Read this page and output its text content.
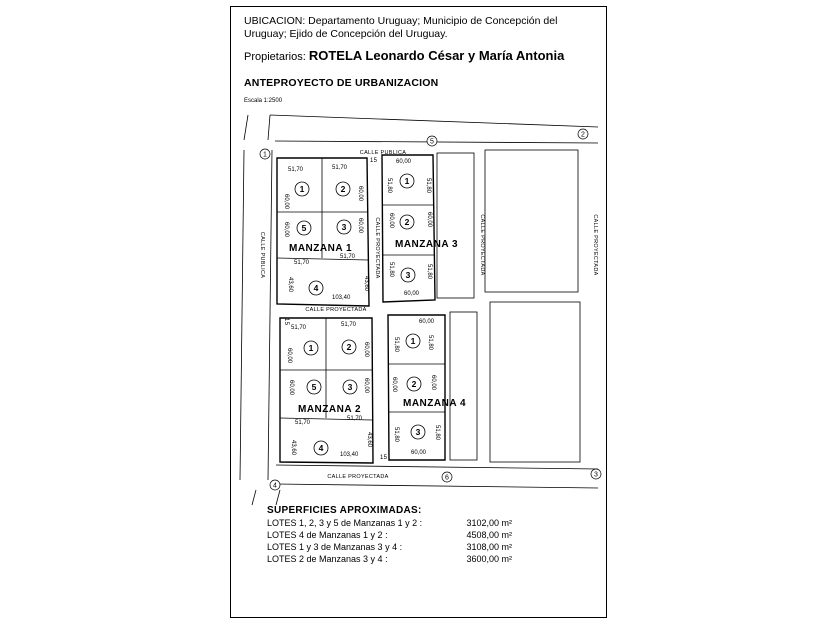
UBICACION: Departamento Uruguay; Municipio de Concepción del Uruguay; Ejido de Concepción del Uruguay.
Propietarios: ROTELA Leonardo César y María Antonia
ANTEPROYECTO DE URBANIZACION
Escala 1:2500
CALLE PUBLICA
CALLE PROYECTADA
CALLE PROYECTADA
CALLE PUBLICA	CALLE PROYECTADA	CALLE PROYECTADA	CALLE PROYECTADA
15
15
15
1
2
3
4
5
6
1	2
5	3
4
1
2
3
1	2
5	3
4
1
2
3
MANZANA 1	MANZANA 3
MANZANA 2
MANZANA 4
51,70	51,70
60,00
60,00
60,00	60,00
51,70
51,70
43,60	43,60
103,40
60,00
51,80
51,80
60,00	60,00
51,80	51,80
60,00
51,70	51,70
60,00	60,00
60,00	60,00
51,70
51,70
43,60
43,60
103,40
60,00
51,80	51,80
60,00	60,00
51,80	51,80
60,00
SUPERFICIES APROXIMADAS:
LOTES 1, 2, 3 y 5 de Manzanas 1 y 2 :	3102,00 m²
LOTES 4 de Manzanas 1 y 2 :	4508,00 m²
LOTES 1 y 3 de Manzanas 3 y 4 :	3108,00 m²
LOTES 2 de Manzanas 3 y 4 :	3600,00 m²
